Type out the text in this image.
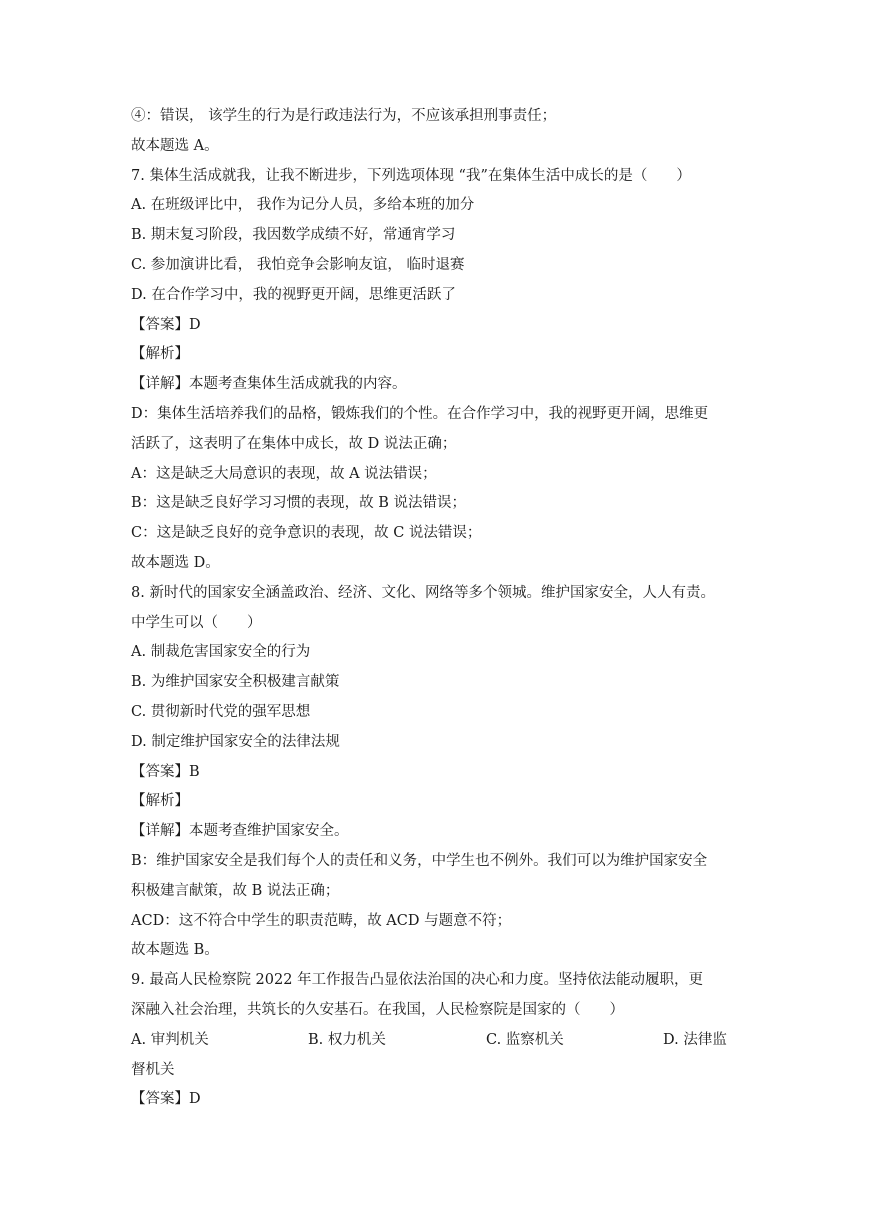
④：错误， 该学生的行为是行政违法行为，不应该承担刑事责任；
故本题选 A。
7. 集体生活成就我，让我不断进步，下列选项体现 “我”在集体生活中成长的是（　　）
A. 在班级评比中， 我作为记分人员，多给本班的加分
B. 期末复习阶段，我因数学成绩不好，常通宵学习
C. 参加演讲比看， 我怕竞争会影响友谊， 临时退赛
D. 在合作学习中，我的视野更开阔，思维更活跃了
【答案】D
【解析】
【详解】本题考查集体生活成就我的内容。
D：集体生活培养我们的品格，锻炼我们的个性。在合作学习中，我的视野更开阔，思维更
活跃了，这表明了在集体中成长，故 D 说法正确；
A：这是缺乏大局意识的表现，故 A 说法错误；
B：这是缺乏良好学习习惯的表现，故 B 说法错误；
C：这是缺乏良好的竞争意识的表现，故 C 说法错误；
故本题选 D。
8. 新时代的国家安全涵盖政治、经济、文化、网络等多个领城。维护国家安全，人人有责。
中学生可以（　　）
A. 制裁危害国家安全的行为
B. 为维护国家安全积极建言献策
C. 贯彻新时代党的强军思想
D. 制定维护国家安全的法律法规
【答案】B
【解析】
【详解】本题考查维护国家安全。
B：维护国家安全是我们每个人的责任和义务，中学生也不例外。我们可以为维护国家安全
积极建言献策，故 B 说法正确；
ACD：这不符合中学生的职责范畴，故 ACD 与题意不符；
故本题选 B。
9. 最高人民检察院 2022 年工作报告凸显依法治国的决心和力度。坚持依法能动履职，更
深融入社会治理，共筑长的久安基石。在我国，人民检察院是国家的（　　）
A. 审判机关	B. 权力机关	C. 监察机关	D. 法律监
督机关
【答案】D
